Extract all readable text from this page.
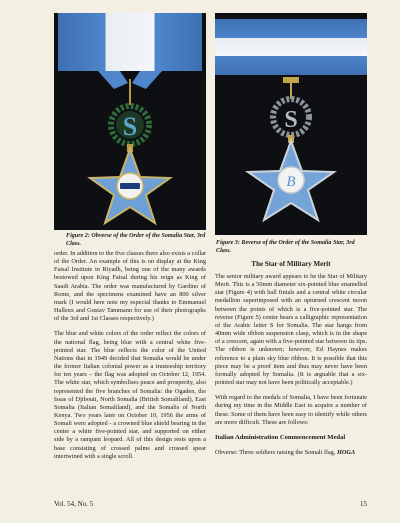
S

Figure 2: Obverse of the Order of the Somalia Star, 3rd Class.

S
B

Figure 3: Reverse of the Order of the Somalia Star, 3rd Class.

order. In addition to the five classes there also exists a collar of the Order. An example of this is on display at the King Faisal Institute in Riyadh, being one of the many awards bestowed upon King Faisal during his reign as King of Saudi Arabia. The order was manufactured by Gardino of Rome, and the specimens examined have an 800 silver mark (I would here note my especial thanks to Emmanuel Halleux and Gustav Tammann for use of their photographs of the 3rd and 1st Classes respectively.)

The blue and white colors of the order reflect the colors of the national flag, being blue with a central white five-pointed star. The blue reflects the color of the United Nations that in 1949 decided that Somalia would be under the former Italian colonial power as a trusteeship territory for ten years – the flag was adopted on October 12, 1954. The white star, which symbolises peace and prosperity, also represented the five branches of Somalia: the Ogaden, the Issas of Djibouti, North Somalia (British Somaliland), East Somalia (Italian Somaliland), and the Somalis of North Kenya. Two years later on October 10, 1956 the arms of Somali were adopted - a crowned blue shield bearing in the center a white five-pointed star, and supported on either side by a rampant leopard. All of this design rests upon a base consisting of crossed palms and crossed spear intertwined with a single scroll.

The Star of Military Merit

The senior military award appears to be the Star of Military Merit. This is a 50mm diameter six-pointed blue enamelled star (Figure 4) with ball finials and a central white circular medallion superimposed with an upturned crescent moon between the points of which is a five-pointed star. The reverse (Figure 5) center bears a calligraphic representation of the Arabic letter S for Somalia. The star hangs from 40mm wide ribbon suspension clasp, which is in the shape of a crescent, again with a five-pointed star between its tips. The ribbon is unknown; however, Ed Haynes makes reference to a plain sky blue ribbon. It is possible that this piece may be a proof item and thus may never have been formally adopted by Somalia. (It is arguable that a six-pointed star may not have been politically acceptable.)

With regard to the medals of Somalia, I have been fortunate during my time in the Middle East to acquire a number of these. Some of them have been easy to identify while others are more difficult. These are follows:

Italian Administration Commencement Medal

Obverse: Three soldiers raising the Somali flag, HOGA

Vol. 54, No. 5	15
